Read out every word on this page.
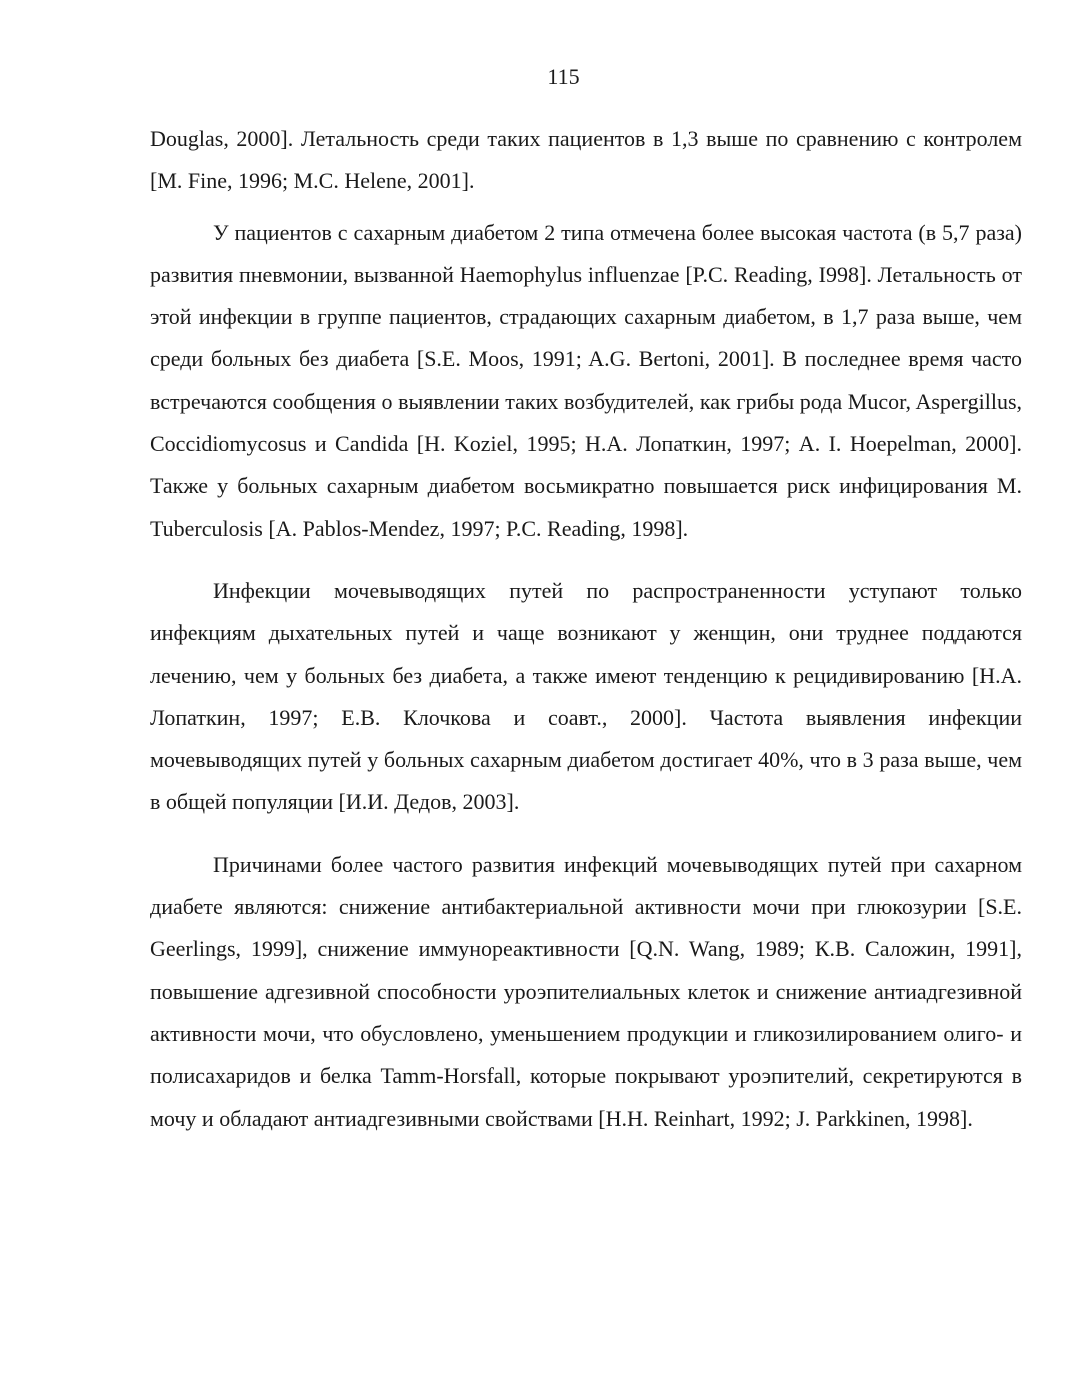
115

Douglas, 2000]. Летальность среди таких пациентов в 1,3 выше по сравнению с контролем [M. Fine, 1996; M.C. Helene, 2001].

У пациентов с сахарным диабетом 2 типа отмечена более высокая частота (в 5,7 раза) развития пневмонии, вызванной Haemophylus influenzae [P.C. Reading, I998]. Летальность от этой инфекции в группе пациентов, страдающих сахарным диабетом, в 1,7 раза выше, чем среди больных без диабета [S.E. Moos, 1991; A.G. Bertoni, 2001]. В последнее время часто встречаются сообщения о выявлении таких возбудителей, как грибы рода Mucor, Aspergillus, Coccidiomycosus и Candida [H. Koziel, 1995; Н.А. Лопаткин, 1997; A. I. Hoepelman, 2000]. Также у больных сахарным диабетом восьмикратно повышается риск инфицирования M. Tuberculosis [A. Pablos-Mendez, 1997; P.C. Reading, 1998].

Инфекции мочевыводящих путей по распространенности уступают только инфекциям дыхательных путей и чаще возникают у женщин, они труднее поддаются лечению, чем у больных без диабета, а также имеют тенденцию к рецидивированию [Н.А. Лопаткин, 1997; Е.В. Клочкова и соавт., 2000]. Частота выявления инфекции мочевыводящих путей у больных сахарным диабетом достигает 40%, что в 3 раза выше, чем в общей популяции [И.И. Дедов, 2003].

Причинами более частого развития инфекций мочевыводящих путей при сахарном диабете являются: снижение антибактериальной активности мочи при глюкозурии [S.E. Geerlings, 1999], снижение иммунореактивности [Q.N. Wang, 1989; К.В. Саложин, 1991], повышение адгезивной способности уроэпителиальных клеток и снижение антиадгезивной активности мочи, что обусловлено, уменьшением продукции и гликозилированием олиго- и полисахаридов и белка Tamm-Horsfall, которые покрывают уроэпителий, секретируются в мочу и обладают антиадгезивными свойствами [H.H. Reinhart, 1992; J. Parkkinen, 1998].
